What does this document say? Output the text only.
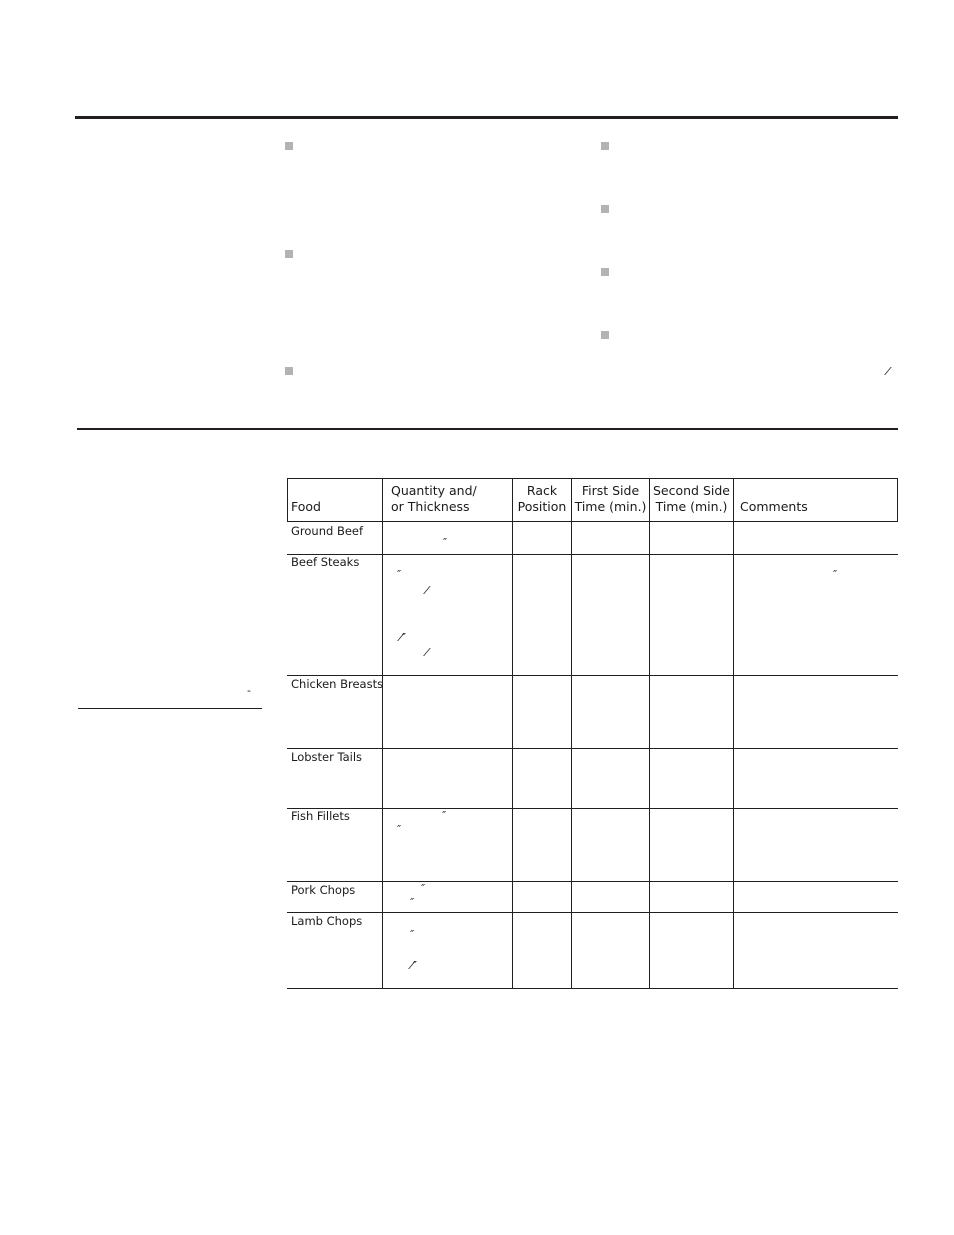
⁄
-
Food
Quantity and/
or Thickness
Rack
Position
First Side
Time (min.)
Second Side
Time (min.)	Comments
Ground Beef
Beef Steaks
Chicken Breasts
Lobster Tails
Fish Fillets
Pork Chops
Lamb Chops
″
″
⁄
⁄″
⁄
″
″
″
″
″
″
⁄″
